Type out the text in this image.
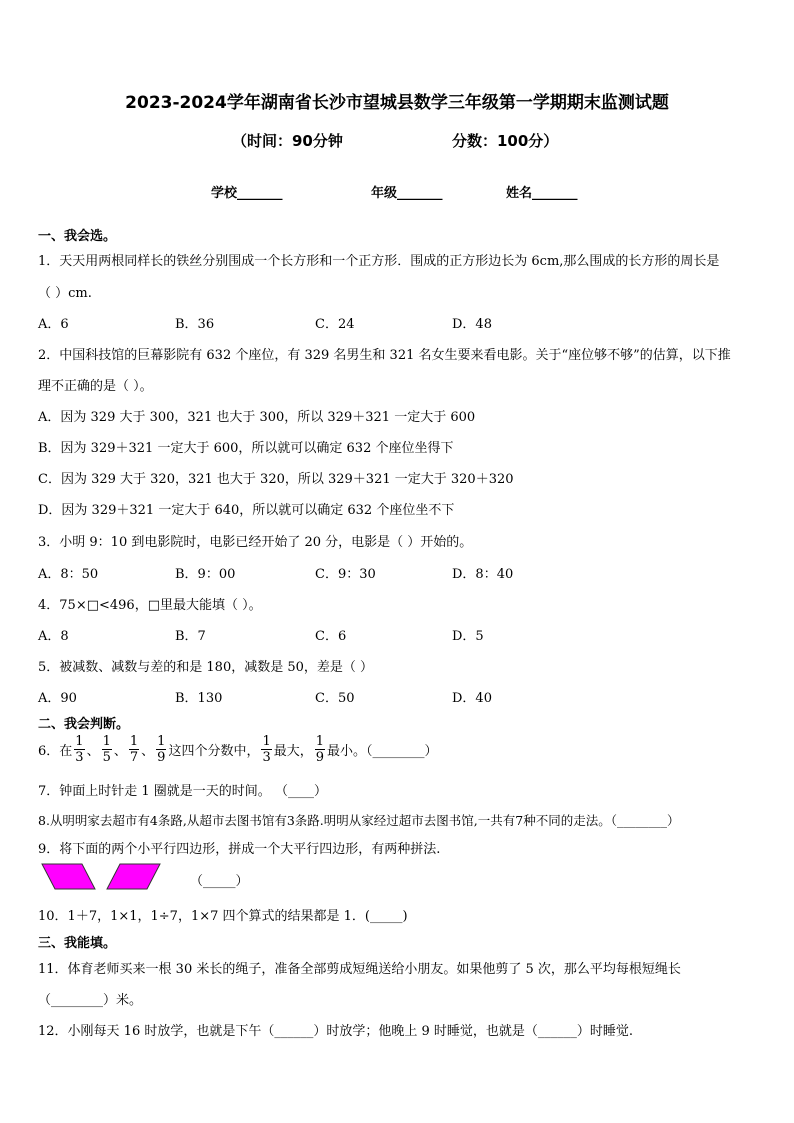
2023-2024学年湖南省长沙市望城县数学三年级第一学期期末监测试题
（时间：90分钟	分数：100分）
学校_______	年级_______	姓名_______
一、我会选。
1．天天用两根同样长的铁丝分别围成一个长方形和一个正方形．围成的正方形边长为 6cm,那么围成的长方形的周长是
（ ）cm.
A．6	B．36	C．24	D．48
2．中国科技馆的巨幕影院有 632 个座位，有 329 名男生和 321 名女生要来看电影。关于“座位够不够”的估算，以下推
理不正确的是（ ）。
A．因为 329 大于 300，321 也大于 300，所以 329＋321 一定大于 600
B．因为 329＋321 一定大于 600，所以就可以确定 632 个座位坐得下
C．因为 329 大于 320，321 也大于 320，所以 329＋321 一定大于 320＋320
D．因为 329＋321 一定大于 640，所以就可以确定 632 个座位坐不下
3．小明 9：10 到电影院时，电影已经开始了 20 分，电影是（ ）开始的。
A．8：50	B．9：00	C．9：30	D．8：40
4．75×□<496，□里最大能填（ ）。
A．8	B．7	C．6	D．5
5．被减数、减数与差的和是 180，减数是 50，差是（ ）
A．90	B．130	C．50	D．40
二、我会判断。
6．在 $\frac{1}{3}$ 、 $\frac{1}{5}$ 、 $\frac{1}{7}$ 、 $\frac{1}{9}$ 这四个分数中， $\frac{1}{3}$ 最大， $\frac{1}{9}$ 最小。（________）
7．钟面上时针走 1 圈就是一天的时间。 （____）
8.从明明家去超市有4条路,从超市去图书馆有3条路.明明从家经过超市去图书馆,一共有7种不同的走法。（________）
9．将下面的两个小平行四边形，拼成一个大平行四边形，有两种拼法.
（_____）
10．1＋7，1×1，1÷7，1×7 四个算式的结果都是 1．(_____)
三、我能填。
11．体育老师买来一根 30 米长的绳子，准备全部剪成短绳送给小朋友。如果他剪了 5 次，那么平均每根短绳长
（________）米。
12．小刚每天 16 时放学，也就是下午（______）时放学；他晚上 9 时睡觉，也就是（______）时睡觉.
